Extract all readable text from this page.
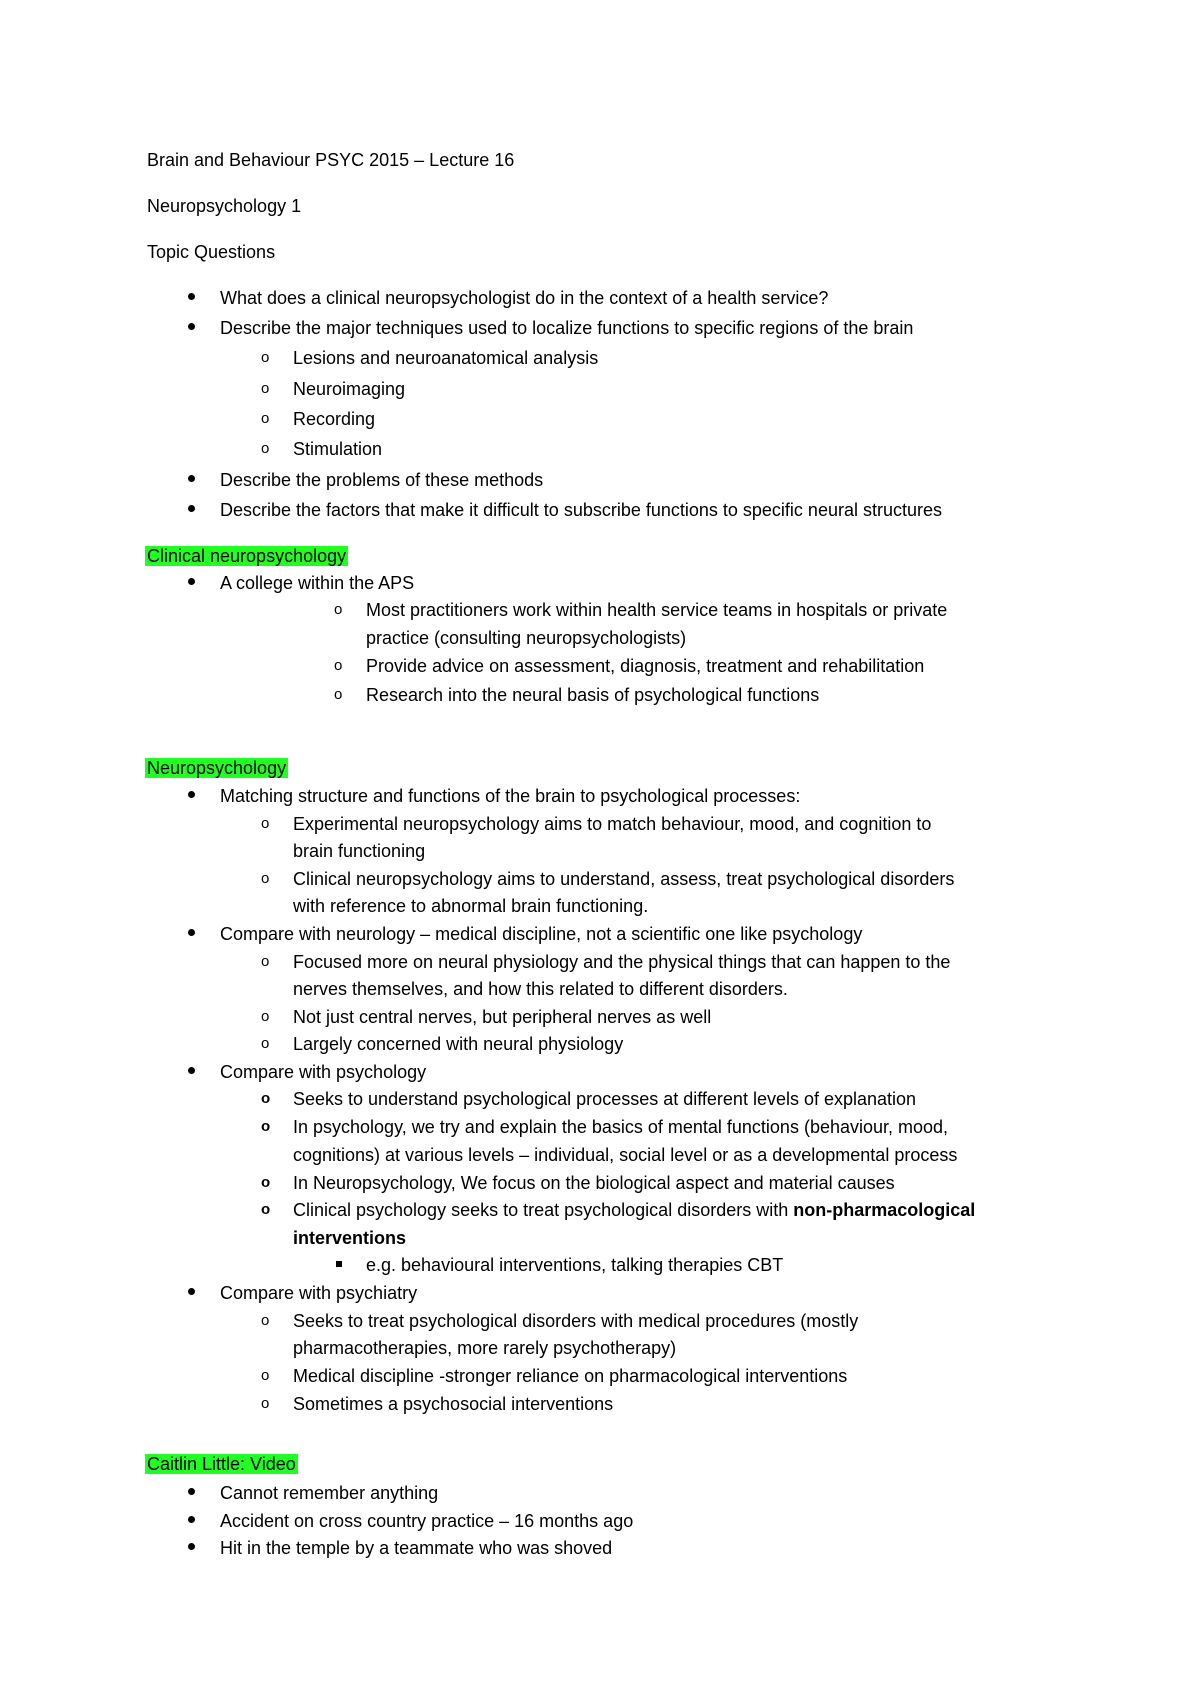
Brain and Behaviour PSYC 2015 – Lecture 16
Neuropsychology 1
Topic Questions
What does a clinical neuropsychologist do in the context of a health service?
Describe the major techniques used to localize functions to specific regions of the brain
o Lesions and neuroanatomical analysis
o Neuroimaging
o Recording
o Stimulation
Describe the problems of these methods
Describe the factors that make it difficult to subscribe functions to specific neural structures
Clinical neuropsychology
A college within the APS
o Most practitioners work within health service teams in hospitals or private
practice (consulting neuropsychologists)
o Provide advice on assessment, diagnosis, treatment and rehabilitation
o Research into the neural basis of psychological functions
Neuropsychology
Matching structure and functions of the brain to psychological processes:
o Experimental neuropsychology aims to match behaviour, mood, and cognition to
brain functioning
o Clinical neuropsychology aims to understand, assess, treat psychological disorders
with reference to abnormal brain functioning.
Compare with neurology – medical discipline, not a scientific one like psychology
o Focused more on neural physiology and the physical things that can happen to the
nerves themselves, and how this related to different disorders.
o Not just central nerves, but peripheral nerves as well
o Largely concerned with neural physiology
Compare with psychology
o Seeks to understand psychological processes at different levels of explanation
o In psychology, we try and explain the basics of mental functions (behaviour, mood,
cognitions) at various levels – individual, social level or as a developmental process
o In Neuropsychology, We focus on the biological aspect and material causes
o Clinical psychology seeks to treat psychological disorders with non-pharmacological
interventions
e.g. behavioural interventions, talking therapies CBT
Compare with psychiatry
o Seeks to treat psychological disorders with medical procedures (mostly
pharmacotherapies, more rarely psychotherapy)
o Medical discipline -stronger reliance on pharmacological interventions
o Sometimes a psychosocial interventions
Caitlin Little: Video
Cannot remember anything
Accident on cross country practice – 16 months ago
Hit in the temple by a teammate who was shoved
